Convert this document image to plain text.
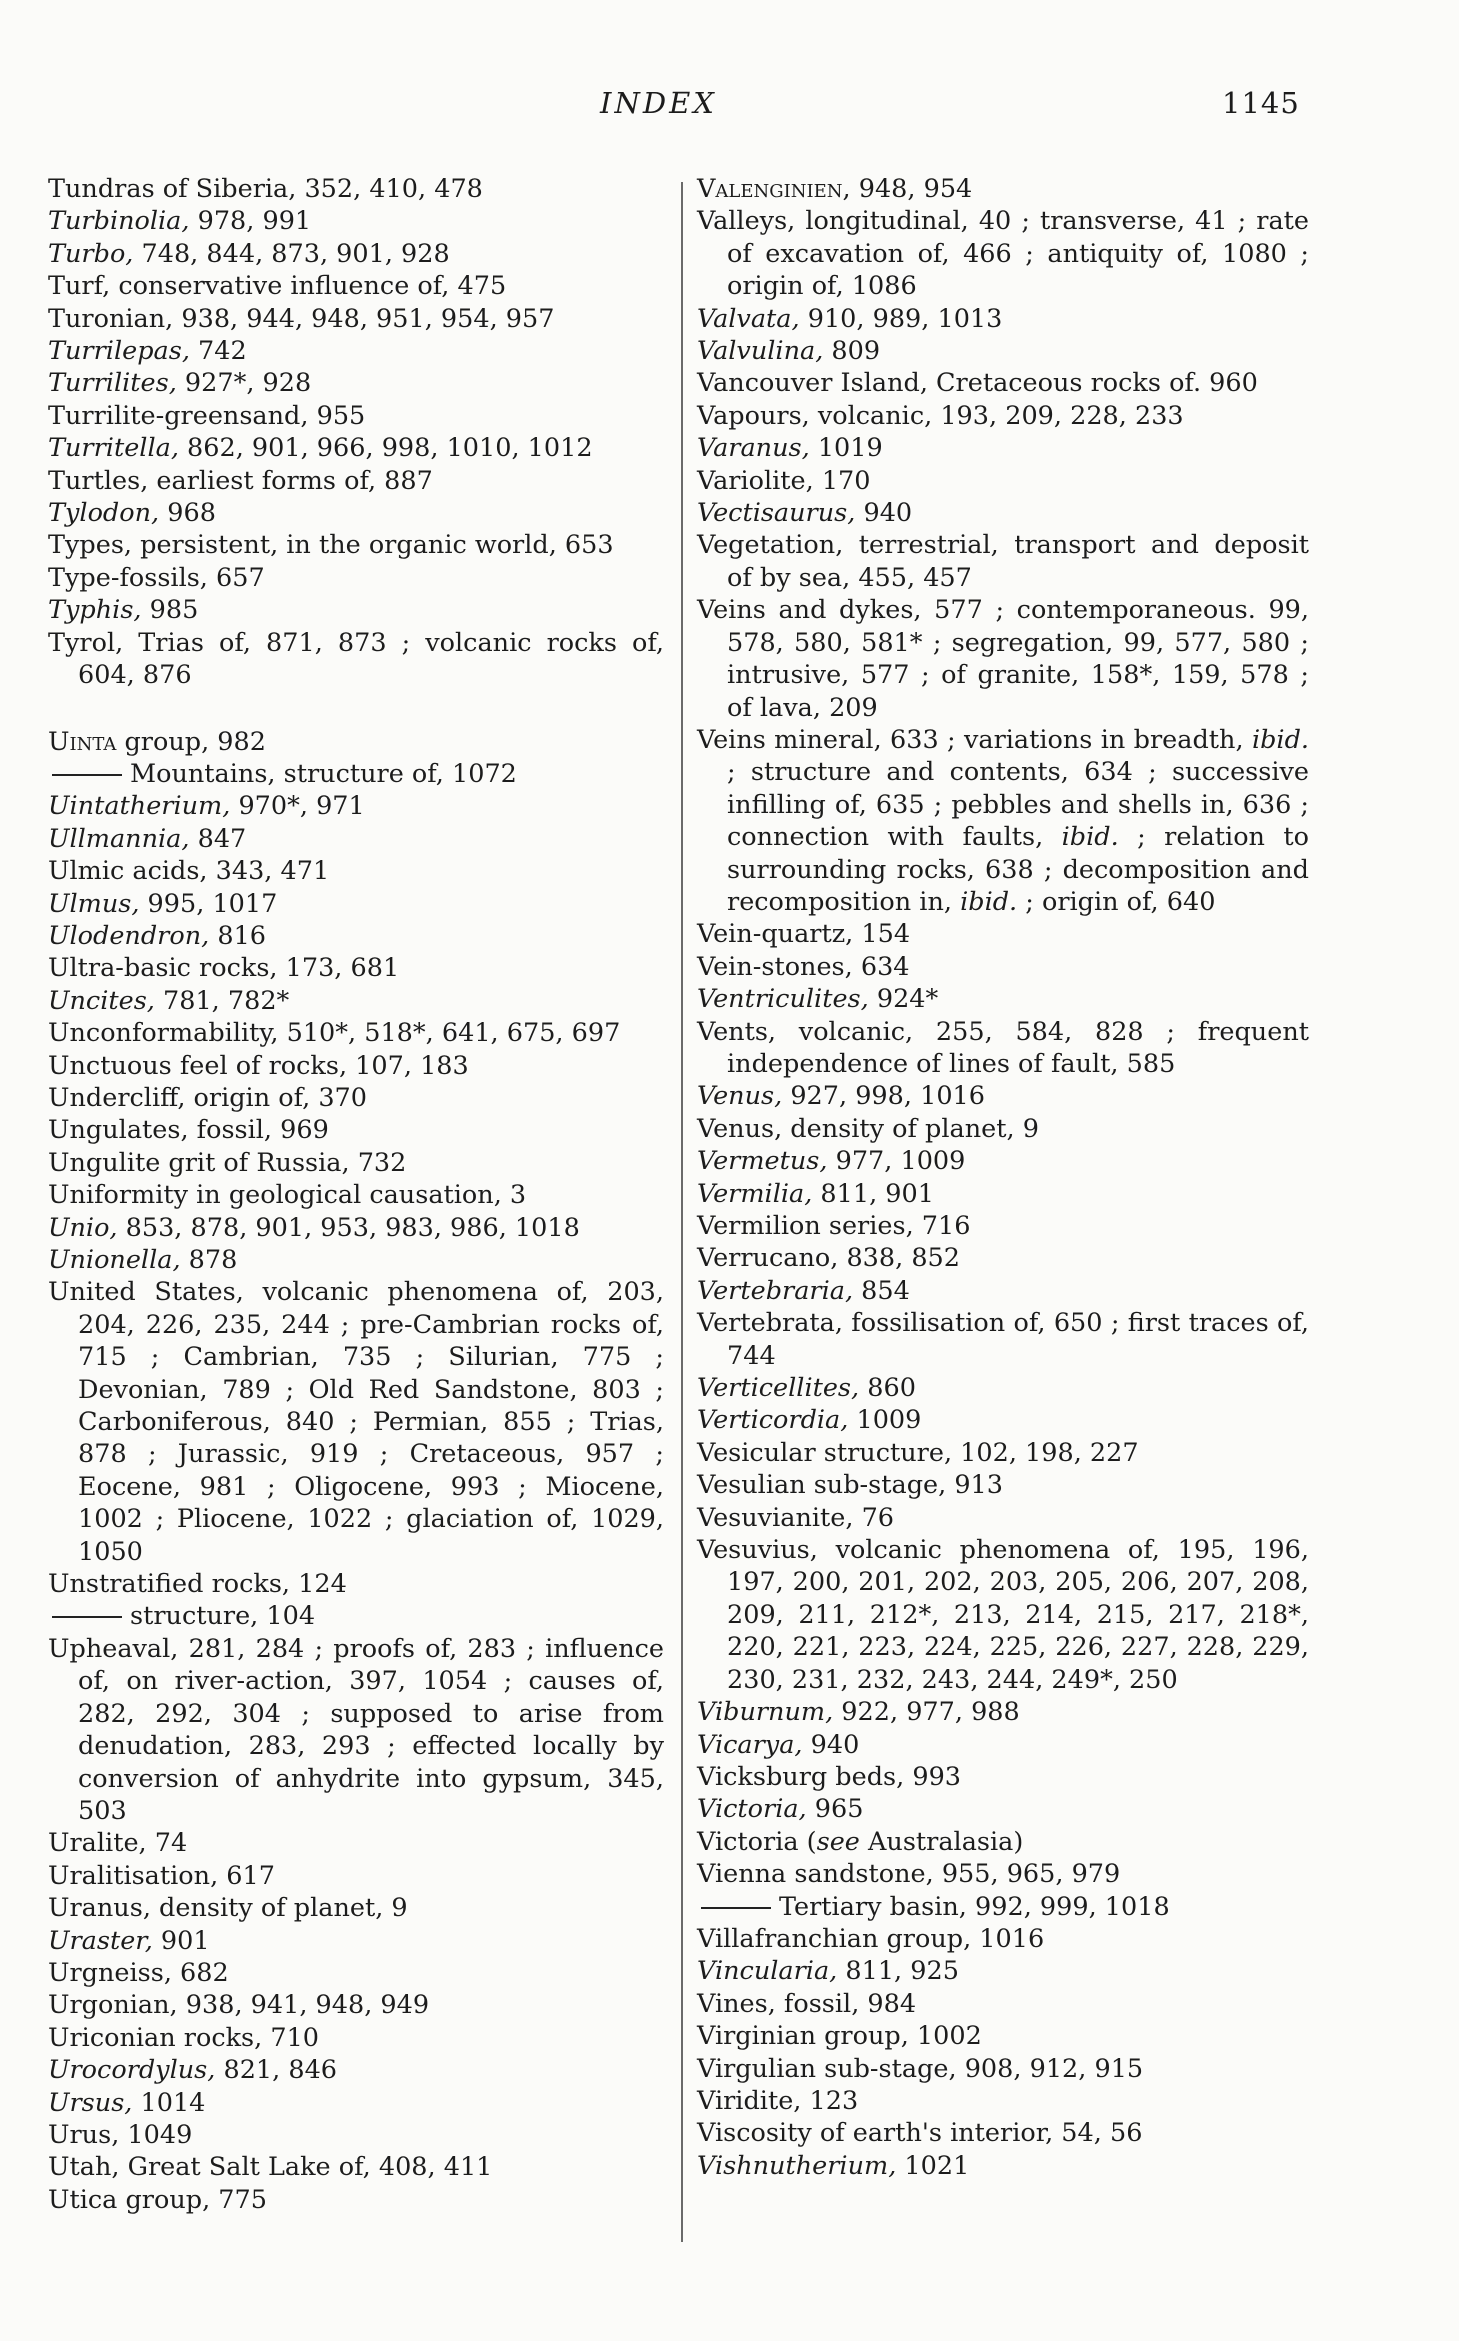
INDEX	1145
Tundras of Siberia, 352, 410, 478
Turbinolia, 978, 991
Turbo, 748, 844, 873, 901, 928
Turf, conservative influence of, 475
Turonian, 938, 944, 948, 951, 954, 957
Turrilepas, 742
Turrilites, 927*, 928
Turrilite-greensand, 955
Turritella, 862, 901, 966, 998, 1010, 1012
Turtles, earliest forms of, 887
Tylodon, 968
Types, persistent, in the organic world, 653
Type-fossils, 657
Typhis, 985
Tyrol, Trias of, 871, 873 ; volcanic rocks of, 604, 876
Uinta group, 982
Mountains, structure of, 1072
Uintatherium, 970*, 971
Ullmannia, 847
Ulmic acids, 343, 471
Ulmus, 995, 1017
Ulodendron, 816
Ultra-basic rocks, 173, 681
Uncites, 781, 782*
Unconformability, 510*, 518*, 641, 675, 697
Unctuous feel of rocks, 107, 183
Undercliff, origin of, 370
Ungulates, fossil, 969
Ungulite grit of Russia, 732
Uniformity in geological causation, 3
Unio, 853, 878, 901, 953, 983, 986, 1018
Unionella, 878
United States, volcanic phenomena of, 203, 204, 226, 235, 244 ; pre-Cambrian rocks of, 715 ; Cambrian, 735 ; Silurian, 775 ; Devonian, 789 ; Old Red Sandstone, 803 ; Carboniferous, 840 ; Permian, 855 ; Trias, 878 ; Jurassic, 919 ; Cretaceous, 957 ; Eocene, 981 ; Oligocene, 993 ; Miocene, 1002 ; Pliocene, 1022 ; glaciation of, 1029, 1050
Unstratified rocks, 124
structure, 104
Upheaval, 281, 284 ; proofs of, 283 ; influence of, on river-action, 397, 1054 ; causes of, 282, 292, 304 ; supposed to arise from denudation, 283, 293 ; effected locally by conversion of anhydrite into gypsum, 345, 503
Uralite, 74
Uralitisation, 617
Uranus, density of planet, 9
Uraster, 901
Urgneiss, 682
Urgonian, 938, 941, 948, 949
Uriconian rocks, 710
Urocordylus, 821, 846
Ursus, 1014
Urus, 1049
Utah, Great Salt Lake of, 408, 411
Utica group, 775
Valenginien, 948, 954
Valleys, longitudinal, 40 ; transverse, 41 ; rate of excavation of, 466 ; antiquity of, 1080 ; origin of, 1086
Valvata, 910, 989, 1013
Valvulina, 809
Vancouver Island, Cretaceous rocks of. 960
Vapours, volcanic, 193, 209, 228, 233
Varanus, 1019
Variolite, 170
Vectisaurus, 940
Vegetation, terrestrial, transport and deposit of by sea, 455, 457
Veins and dykes, 577 ; contemporaneous. 99, 578, 580, 581* ; segregation, 99, 577, 580 ; intrusive, 577 ; of granite, 158*, 159, 578 ; of lava, 209
Veins mineral, 633 ; variations in breadth, ibid. ; structure and contents, 634 ; successive infilling of, 635 ; pebbles and shells in, 636 ; connection with faults, ibid. ; relation to surrounding rocks, 638 ; decomposition and recomposition in, ibid. ; origin of, 640
Vein-quartz, 154
Vein-stones, 634
Ventriculites, 924*
Vents, volcanic, 255, 584, 828 ; frequent independence of lines of fault, 585
Venus, 927, 998, 1016
Venus, density of planet, 9
Vermetus, 977, 1009
Vermilia, 811, 901
Vermilion series, 716
Verrucano, 838, 852
Vertebraria, 854
Vertebrata, fossilisation of, 650 ; first traces of, 744
Verticellites, 860
Verticordia, 1009
Vesicular structure, 102, 198, 227
Vesulian sub-stage, 913
Vesuvianite, 76
Vesuvius, volcanic phenomena of, 195, 196, 197, 200, 201, 202, 203, 205, 206, 207, 208, 209, 211, 212*, 213, 214, 215, 217, 218*, 220, 221, 223, 224, 225, 226, 227, 228, 229, 230, 231, 232, 243, 244, 249*, 250
Viburnum, 922, 977, 988
Vicarya, 940
Vicksburg beds, 993
Victoria, 965
Victoria (see Australasia)
Vienna sandstone, 955, 965, 979
Tertiary basin, 992, 999, 1018
Villafranchian group, 1016
Vincularia, 811, 925
Vines, fossil, 984
Virginian group, 1002
Virgulian sub-stage, 908, 912, 915
Viridite, 123
Viscosity of earth's interior, 54, 56
Vishnutherium, 1021
